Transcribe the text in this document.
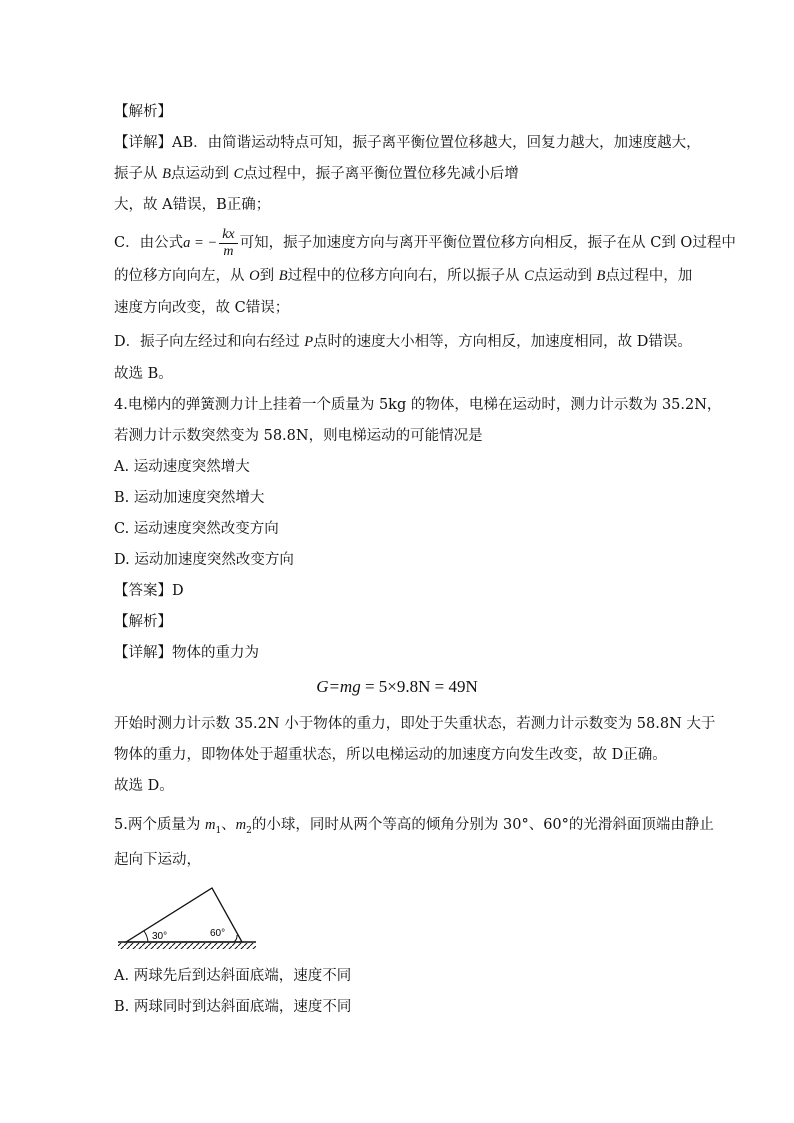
【解析】
【详解】AB．由简谐运动特点可知，振子离平衡位置位移越大，回复力越大，加速度越大，
振子从 B点运动到 C点过程中，振子离平衡位置位移先减小后增
大，故 A错误，B正确；
C．由公式a = − $\frac{kx}{m}$ 可知，振子加速度方向与离开平衡位置位移方向相反，振子在从 C到 O过程中
的位移方向向左，从 O到 B过程中的位移方向向右，所以振子从 C点运动到 B点过程中，加
速度方向改变，故 C错误；
D．振子向左经过和向右经过 P点时的速度大小相等，方向相反，加速度相同，故 D错误。
故选 B。
4.电梯内的弹簧测力计上挂着一个质量为 5kg 的物体，电梯在运动时，测力计示数为 35.2N，
若测力计示数突然变为 58.8N，则电梯运动的可能情况是
A. 运动速度突然增大
B. 运动加速度突然增大
C. 运动速度突然改变方向
D. 运动加速度突然改变方向
【答案】D
【解析】
【详解】物体的重力为
G=mg = 5×9.8N = 49N
开始时测力计示数 35.2N 小于物体的重力，即处于失重状态，若测力计示数变为 58.8N 大于
物体的重力，即物体处于超重状态，所以电梯运动的加速度方向发生改变，故 D正确。
故选 D。
5.两个质量为 $m_1$、$m_2$的小球，同时从两个等高的倾角分别为 30°、60°的光滑斜面顶端由静止
起向下运动，
30°	60°
A. 两球先后到达斜面底端，速度不同
B. 两球同时到达斜面底端，速度不同
